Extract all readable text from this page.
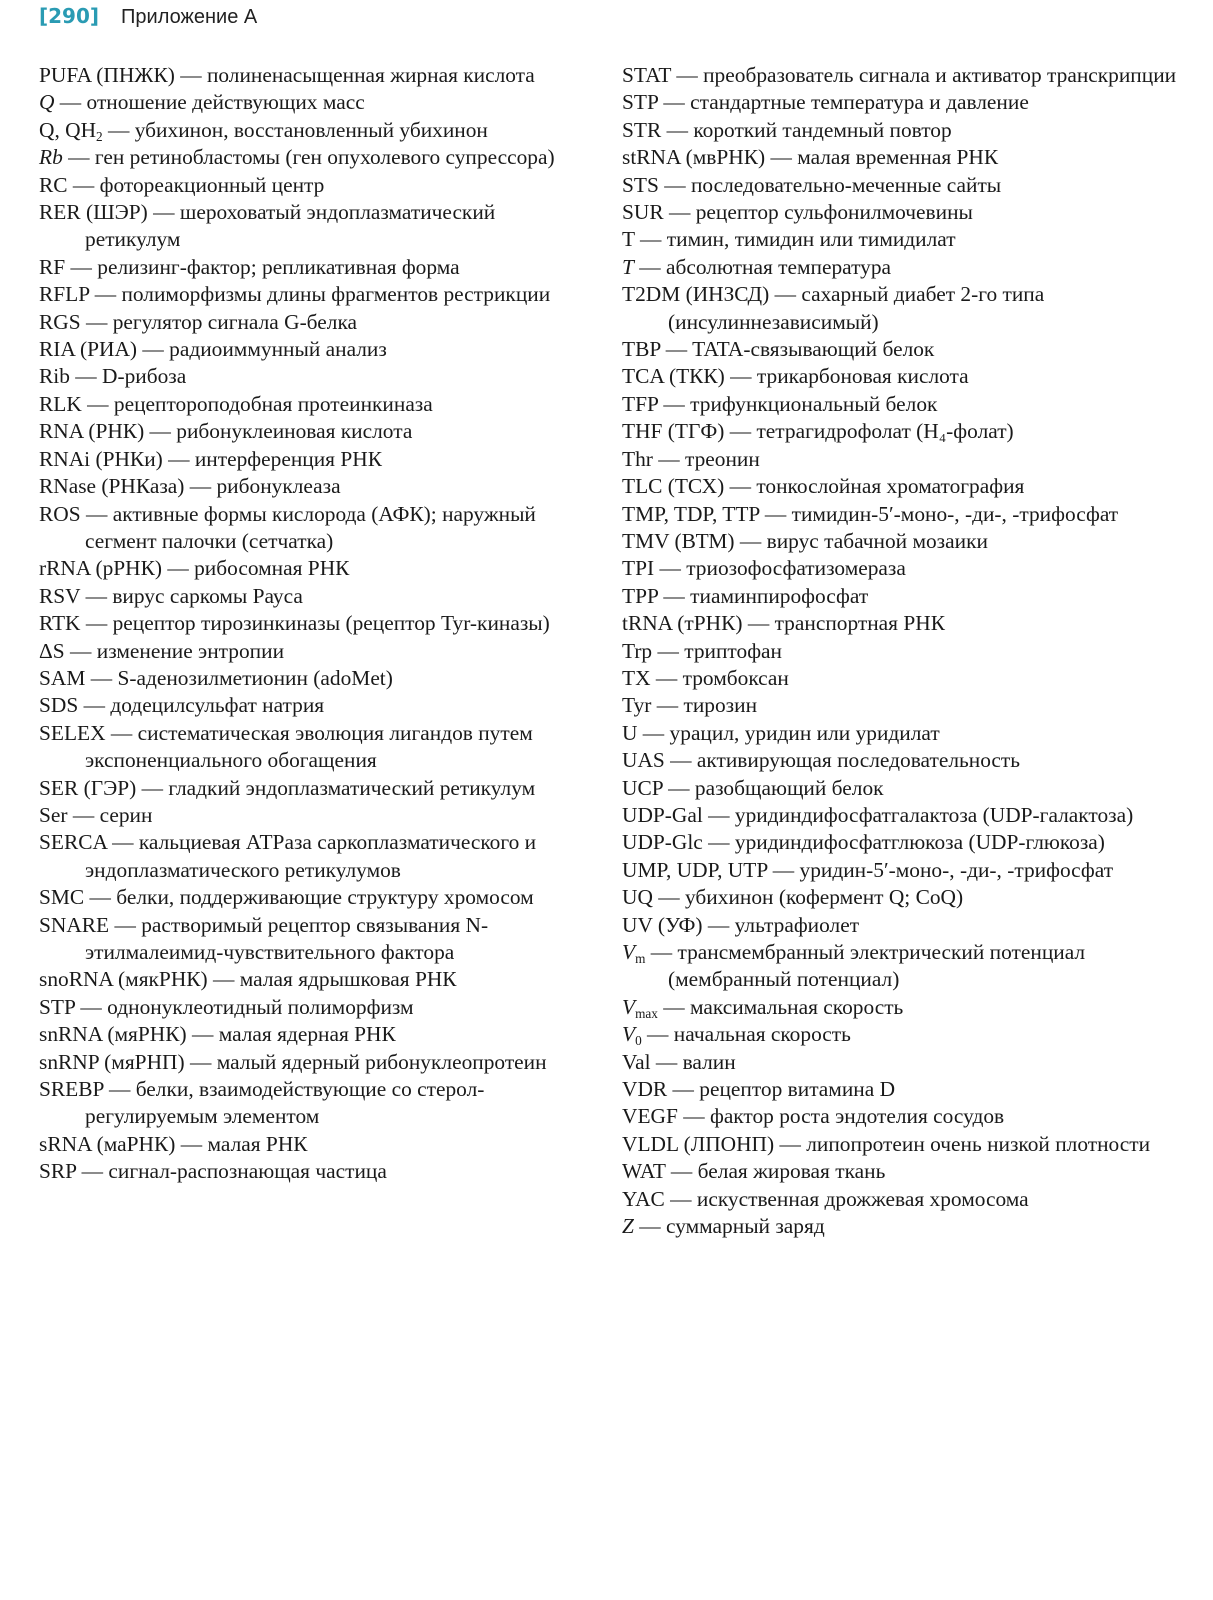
[290] Приложение А

PUFA (ПНЖК) — полиненасыщенная жирная кислота

Q — отношение действующих масс

Q, $QH_2$ — убихинон, восстановленный убихинон

Rb — ген ретинобластомы (ген опухолевого супрессора)

RC — фотореакционный центр

RER (ШЭР) — шероховатый эндоплазматический ретикулум

RF — релизинг-фактор; репликативная форма

RFLP — полиморфизмы длины фрагментов рестрикции

RGS — регулятор сигнала G-белка

RIA (РИА) — радиоиммунный анализ

Rib — D-рибоза

RLK — рецептороподобная протеинкиназа

RNA (РНК) — рибонуклеиновая кислота

RNAi (РНКи) — интерференция РНК

RNase (РНКаза) — рибонуклеаза

ROS — активные формы кислорода (АФК); наружный сегмент палочки (сетчатка)

rRNA (рРНК) — рибосомная РНК

RSV — вирус саркомы Рауса

RTK — рецептор тирозинкиназы (рецептор Tyr-киназы)

ΔS — изменение энтропии

SAM — S-аденозилметионин (adoMet)

SDS — додецилсульфат натрия

SELEX — систематическая эволюция лигандов путем экспоненциального обогащения

SER (ГЭР) — гладкий эндоплазматический ретикулум

Ser — серин

SERCA — кальциевая АТРаза саркоплазматического и эндоплазматического ретикулумов

SMC — белки, поддерживающие структуру хромосом

SNARE — растворимый рецептор связывания N-этилмалеимид-чувствительного фактора

snoRNA (мякРНК) — малая ядрышковая РНК

STP — однонуклеотидный полиморфизм

snRNA (мяРНК) — малая ядерная РНК

snRNP (мяРНП) — малый ядерный рибонуклеопротеин

SREBP — белки, взаимодействующие со стерол-регулируемым элементом

sRNA (маРНК) — малая РНК

SRP — сигнал-распознающая частица

STAT — преобразователь сигнала и активатор транскрипции

STP — стандартные температура и давление

STR — короткий тандемный повтор

stRNA (мвРНК) — малая временная РНК

STS — последовательно-меченные сайты

SUR — рецептор сульфонилмочевины

T — тимин, тимидин или тимидилат

T — абсолютная температура

T2DM (ИНЗСД) — сахарный диабет 2-го типа (инсулиннезависимый)

TBP — TATA-связывающий белок

TCA (ТКК) — трикарбоновая кислота

TFP — трифункциональный белок

THF (ТГФ) — тетрагидрофолат (H₄-фолат)

Thr — треонин

TLC (ТСХ) — тонкослойная хроматография

TMP, TDP, TTP — тимидин-5′-моно-, -ди-, -трифосфат

TMV (ВТМ) — вирус табачной мозаики

TPI — триозофосфатизомераза

TPP — тиаминпирофосфат

tRNA (тРНК) — транспортная РНК

Trp — триптофан

TX — тромбоксан

Tyr — тирозин

U — урацил, уридин или уридилат

UAS — активирующая последовательность

UCP — разобщающий белок

UDP-Gal — уридиндифосфатгалактоза (UDP-галактоза)

UDP-Glc — уридиндифосфатглюкоза (UDP-глюкоза)

UMP, UDP, UTP — уридин-5′-моно-, -ди-, -трифосфат

UQ — убихинон (кофермент Q; CoQ)

UV (УФ) — ультрафиолет

$V_m$ — трансмембранный электрический потенциал (мембранный потенциал)

$V_{max}$ — максимальная скорость

$V_0$ — начальная скорость

Val — валин

VDR — рецептор витамина D

VEGF — фактор роста эндотелия сосудов

VLDL (ЛПОНП) — липопротеин очень низкой плотности

WAT — белая жировая ткань

YAC — искуственная дрожжевая хромосома

Z — суммарный заряд
